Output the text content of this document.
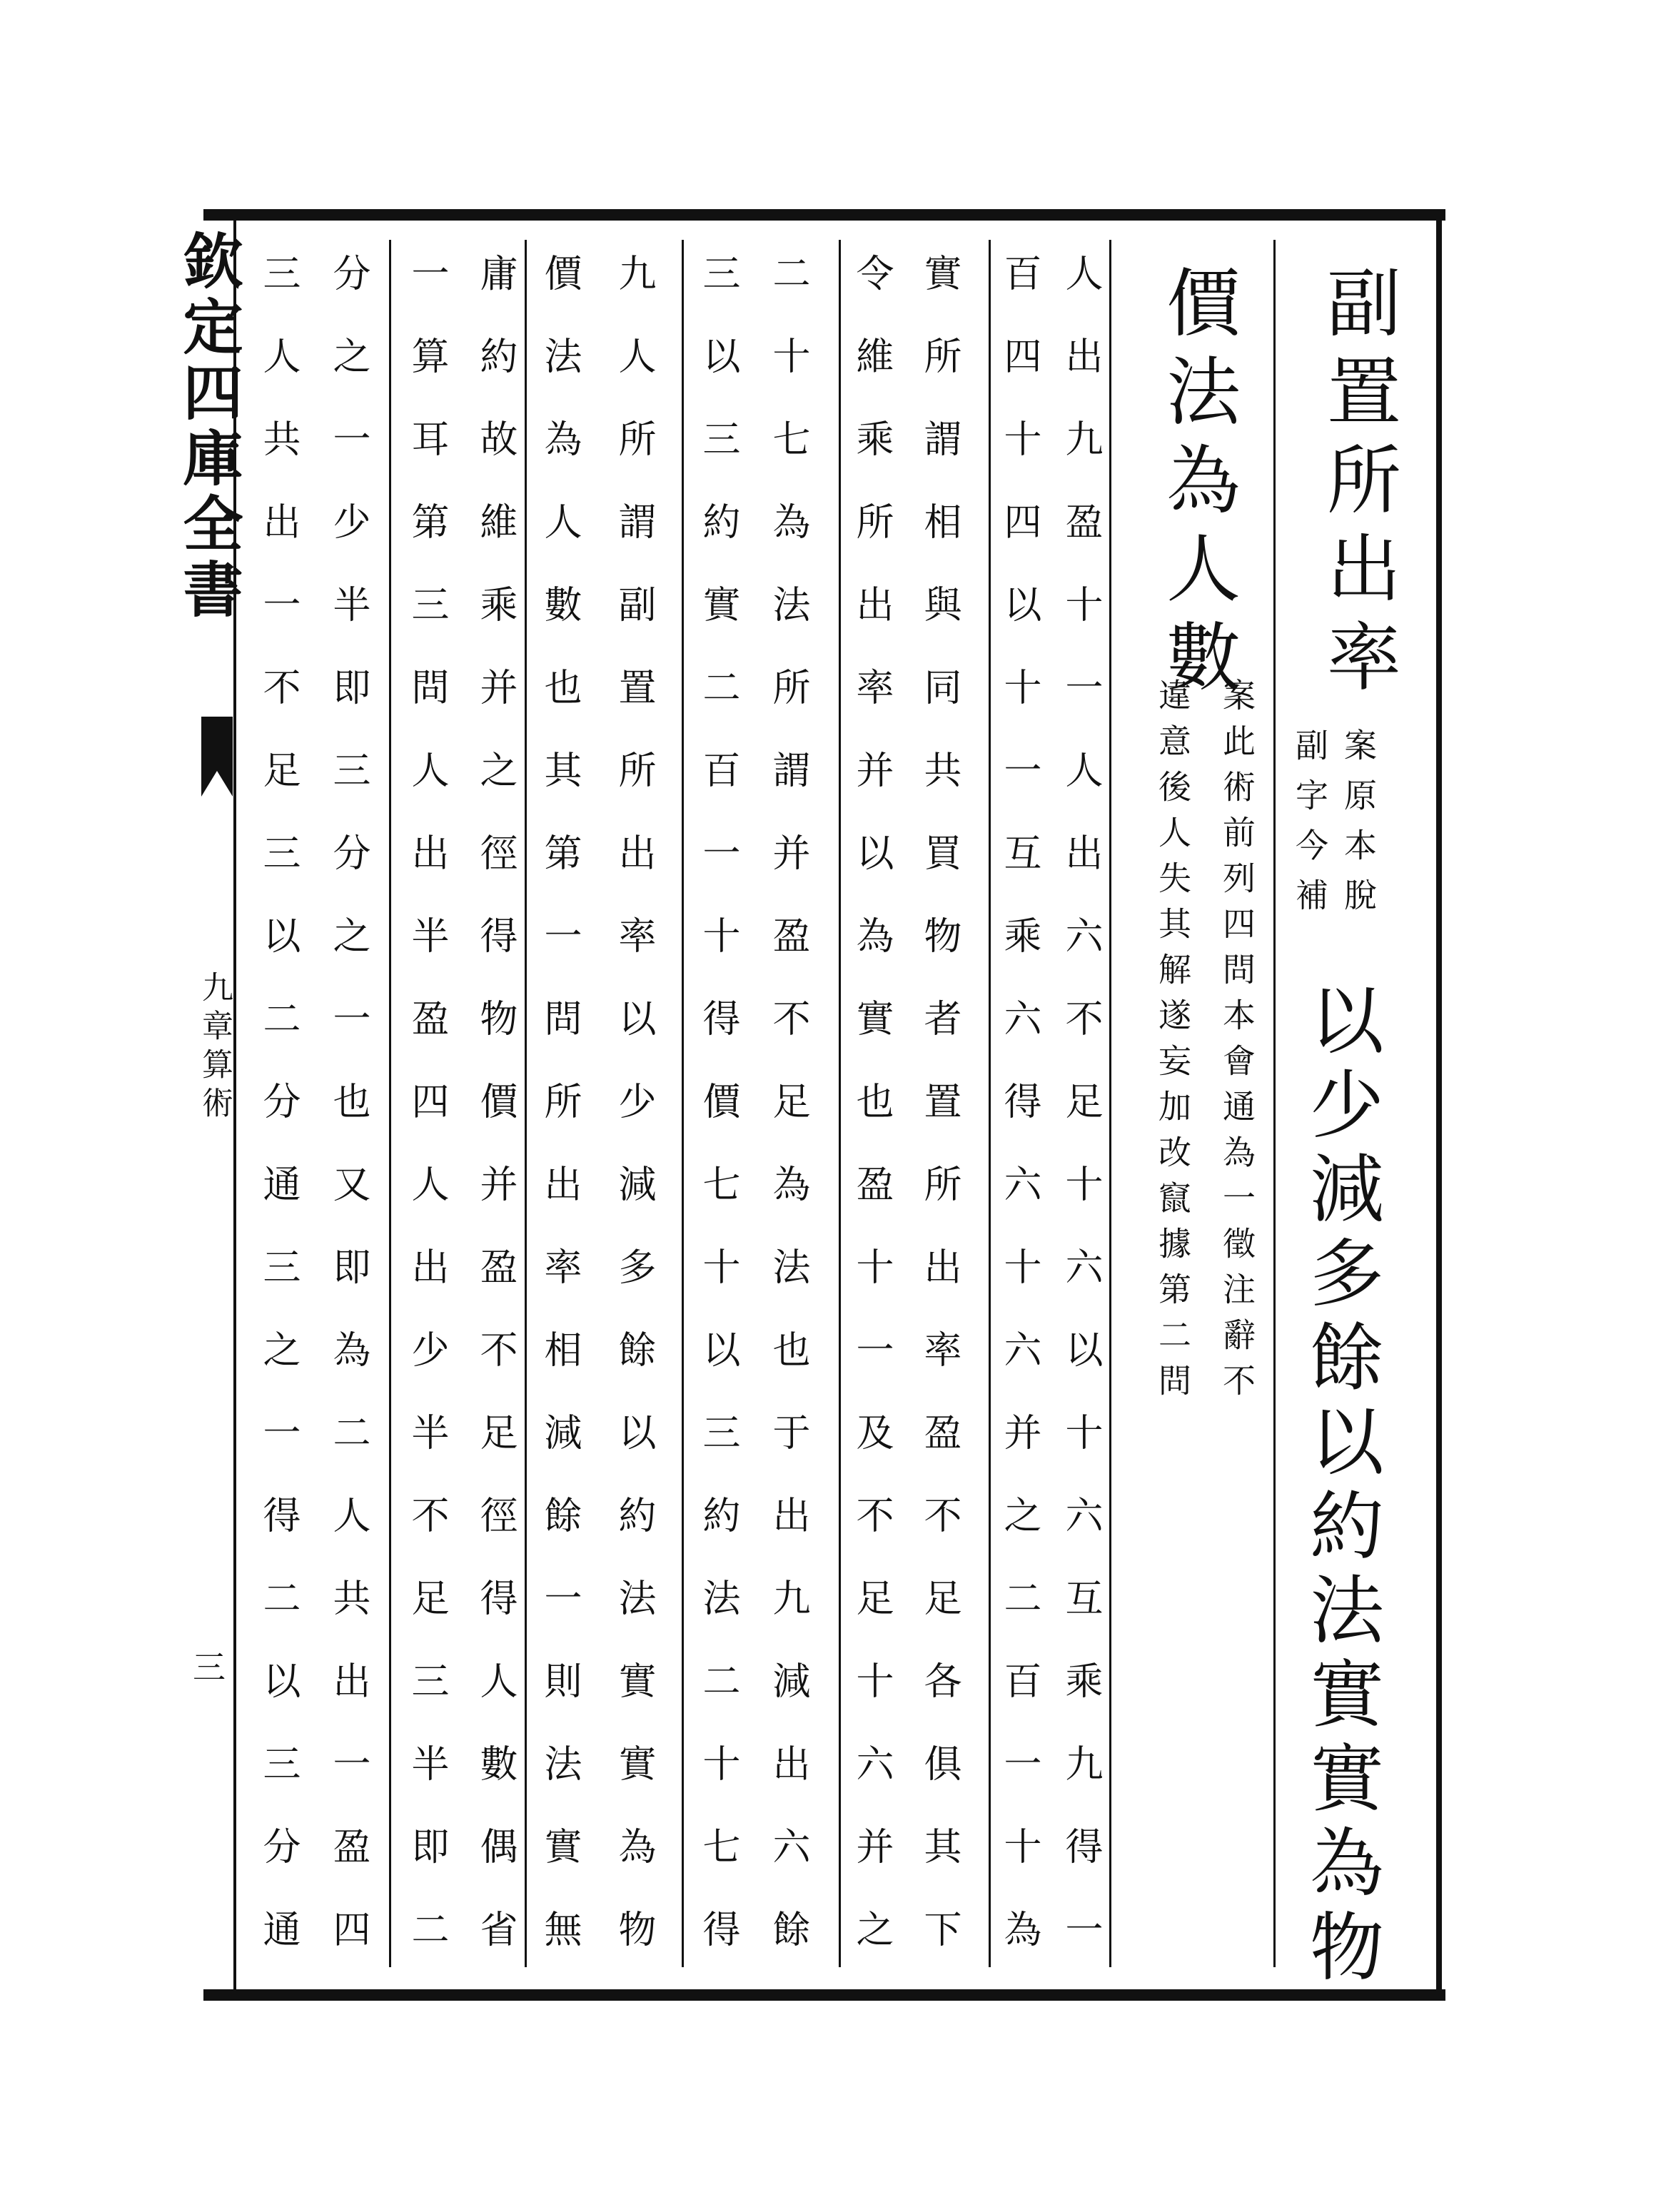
欽定四庫全書
九章算術
三
副置所出率
價法為人數
案原本脫
副字今補
以少減多餘以約法實實為物
案此術前列四問本會通為一徵注辭不
違意後人失其解遂妄加改竄據第二問
人出九盈十一人出六不足十六以十六互乘九得一
百四十四以十一互乘六得六十六并之二百一十為
實所謂相與同共買物者置所出率盈不足各俱其下
令維乘所出率并以為實也盈十一及不足十六并之
二十七為法所謂并盈不足為法也于出九減出六餘
三以三約實二百一十得價七十以三約法二十七得
九人所謂副置所出率以少減多餘以約法實實為物
價法為人數也其第一問所出率相減餘一則法實無
庸約故維乘并之徑得物價并盈不足徑得人數偶省
一算耳第三問人出半盈四人出少半不足三半即二
分之一少半即三分之一也又即為二人共出一盈四
三人共出一不足三以二分通三之一得二以三分通
